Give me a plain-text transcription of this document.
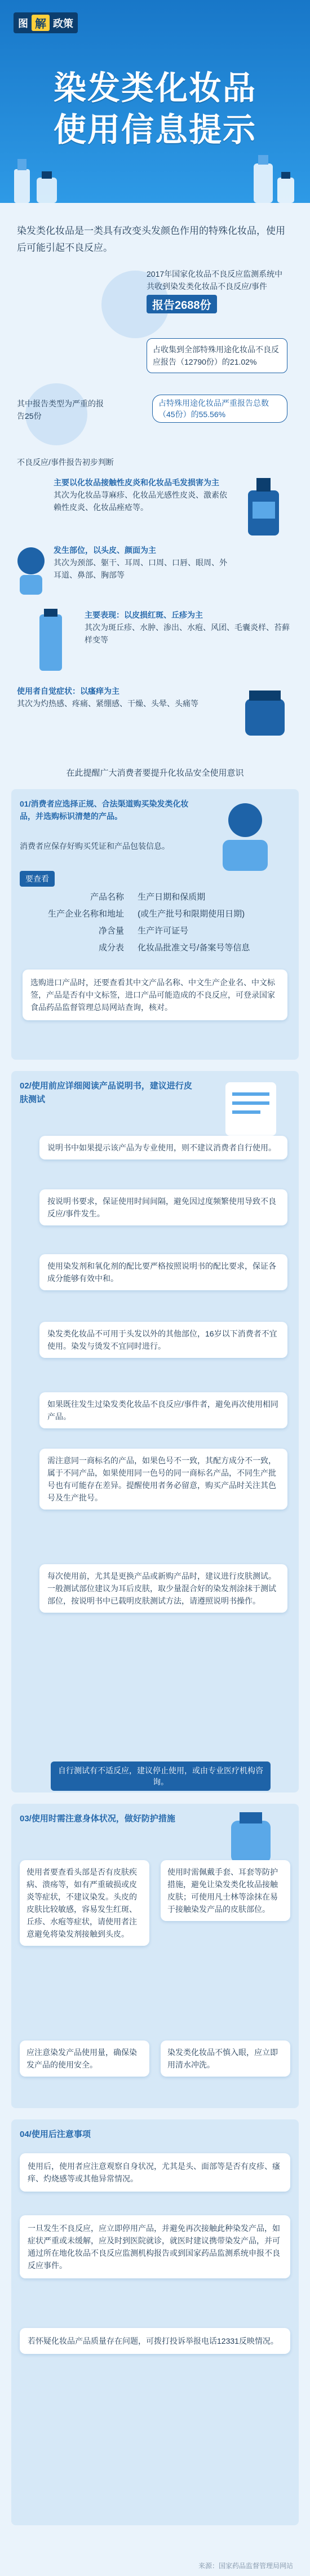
图 解 政策
染发类化妆品
使用信息提示
染发类化妆品是一类具有改变头发颜色作用的特殊化妆品，使用后可能引起不良反应。
2017年国家化妆品不良反应监测系统中共收到染发类化妆品不良反应/事件
报告2688份
占收集到全部特殊用途化妆品不良反应报告（12790份）的21.02%
其中报告类型为严重的报告25份
占特殊用途化妆品严重报告总数（45份）的55.56%
不良反应/事件报告初步判断
主要以化妆品接触性皮炎和化妆品毛发损害为主
其次为化妆品荨麻疹、化妆品光感性皮炎、激素依赖性皮炎、化妆品痤疮等。
发生部位，以头皮、颜面为主
其次为颈部、躯干、耳周、口周、口唇、眼周、外耳道、鼻部、胸部等
主要表现：以皮损红斑、丘疹为主
其次为斑丘疹、水肿、渗出、水疱、风团、毛囊炎样、苔藓样变等
使用者自觉症状：以瘙痒为主
其次为灼热感、疼痛、紧绷感、干燥、头晕、头痛等
在此提醒广大消费者要提升化妆品安全使用意识
01/消费者应选择正规、合法渠道购买染发类化妆品，并选购标识清楚的产品。
消费者应保存好购买凭证和产品包装信息。
要查看
产品名称 生产日期和保质期
生产企业名称和地址 (或生产批号和限期使用日期)
净含量 生产许可证号
成分表 化妆品批准文号/备案号等信息
选购进口产品时，还要查看其中文产品名称、中文生产企业名、中文标签，产品是否有中文标签，进口产品可能造成的不良反应，可登录国家食品药品监督管理总局网站查询，核对。
02/使用前应详细阅读产品说明书，建议进行皮肤测试
说明书中如果提示该产品为专业使用，则不建议消费者自行使用。
按说明书要求，保证使用时间间隔，避免因过度频繁使用导致不良反应/事件发生。
使用染发剂和氧化剂的配比要严格按照说明书的配比要求，保证各成分能够有效中和。
染发类化妆品不可用于头发以外的其他部位，16岁以下消费者不宜使用。染发与烫发不宜同时进行。
如果既往发生过染发类化妆品不良反应/事件者，避免再次使用相同产品。
需注意同一商标名的产品，如果色号不一致，其配方成分不一致，属于不同产品，如果使用同一色号的同一商标名产品，不同生产批号也有可能存在差异。提醒使用者务必留意，购买产品时关注其色号及生产批号。
每次使用前，尤其是更换产品或新购产品时，建议进行皮肤测试。一般测试部位建议为耳后皮肤，取少量混合好的染发剂涂抹于测试部位，按说明书中已载明皮肤测试方法，请遵照说明书操作。
自行测试有不适反应，建议停止使用，或由专业医疗机构咨询。
03/使用时需注意身体状况，做好防护措施
使用者要查看头部是否有皮肤疾病、溃疡等，如有严重破损或皮炎等症状，不建议染发。头皮的皮肤比较敏感，容易发生红斑、丘疹、水疱等症状，请使用者注意避免将染发剂接触到头皮。
使用时需佩戴手套、耳套等防护措施，避免让染发类化妆品接触皮肤；可使用凡士林等涂抹在易于接触染发产品的皮肤部位。
应注意染发产品使用量，确保染发产品的使用安全。
染发类化妆品不慎入眼，应立即用清水冲洗。
04/使用后注意事项
使用后，使用者应注意观察自身状况，尤其是头、面部等是否有皮疹、瘙痒、灼烧感等或其他异常情况。
一旦发生不良反应，应立即停用产品，并避免再次接触此种染发产品，如症状严重或未缓解，应及时到医院就诊，就医时建议携带染发产品，并可通过所在地化妆品不良反应监测机构报告或到国家药品监测系统申报不良反应事件。
若怀疑化妆品产品质量存在问题，可拨打投诉举报电话12331反映情况。
来源：国家药品监督管理局网站
